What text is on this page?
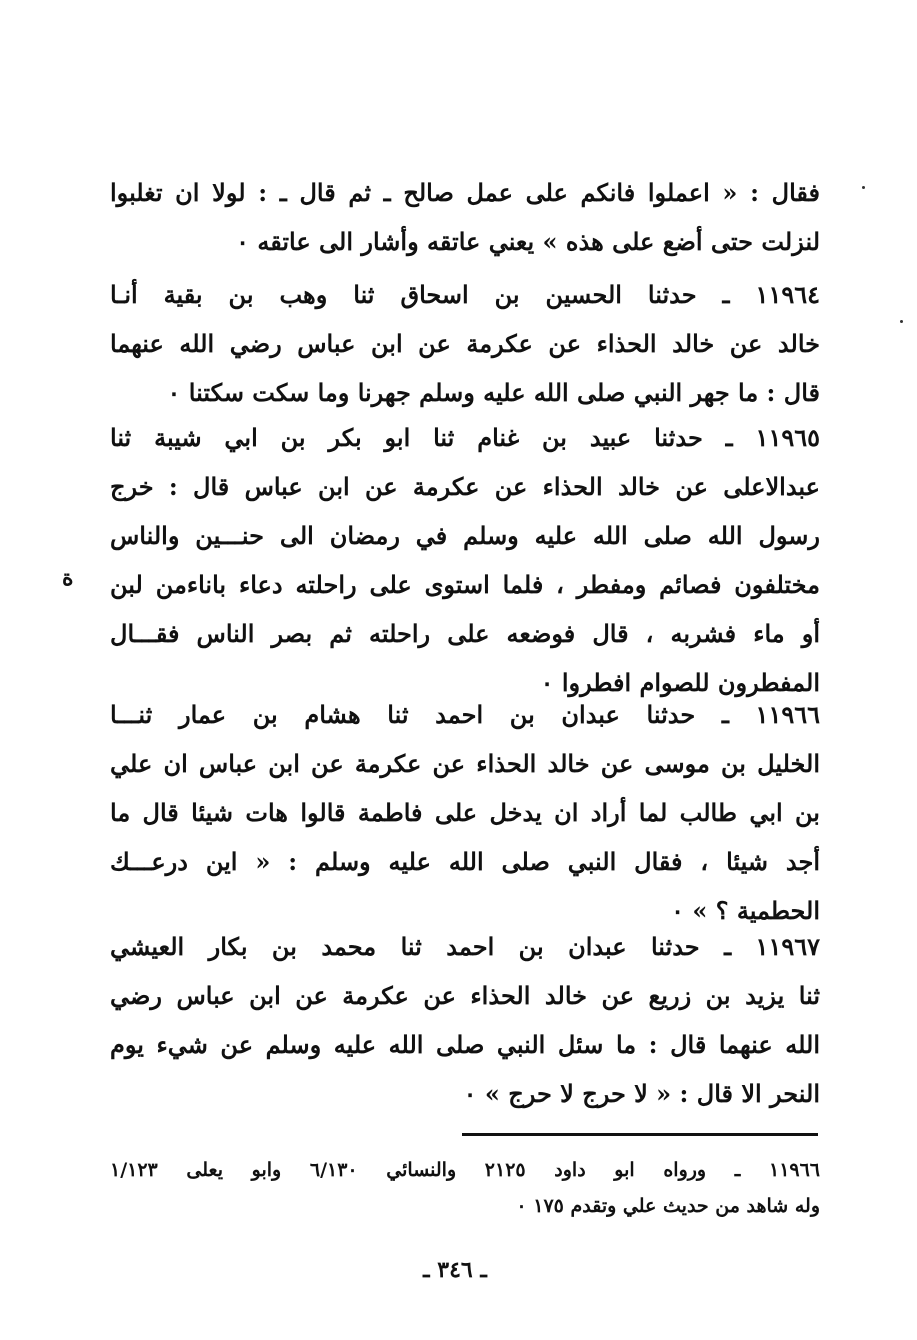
فقال : « اعملوا فانكم على عمل صالح ـ ثم قال ـ : لولا ان تغلبوا
لنزلت حتى أضع على هذه » يعني عاتقه وأشار الى عاتقه ٠
١١٩٦٤ ـ حدثنا الحسين بن اسحاق ثنا وهب بن بقية أنـا
خالد عن خالد الحذاء عن عكرمة عن ابن عباس رضي الله عنهما
قال : ما جهر النبي صلى الله عليه وسلم جهرنا وما سكت سكتنا ٠
١١٩٦٥ ـ حدثنا عبيد بن غنام ثنا ابو بكر بن ابي شيبة ثنا
عبدالاعلى عن خالد الحذاء عن عكرمة عن ابن عباس قال : خرج
رسول الله صلى الله عليه وسلم في رمضان الى حنـــين والناس
مختلفون فصائم ومفطر ، فلما استوى على راحلته دعاء باناءمن لبن
أو ماء فشربه ، قال فوضعه على راحلته ثم بصر الناس فقـــال
المفطرون للصوام افطروا ٠
١١٩٦٦ ـ حدثنا عبدان بن احمد ثنا هشام بن عمار ثنـــا
الخليل بن موسى عن خالد الحذاء عن عكرمة عن ابن عباس ان علي
بن ابي طالب لما أراد ان يدخل على فاطمة قالوا هات شيئا قال ما
أجد شيئا ، فقال النبي صلى الله عليه وسلم : « اين درعـــك
الحطمية ؟ » ٠
١١٩٦٧ ـ حدثنا عبدان بن احمد ثنا محمد بن بكار العيشي
ثنا يزيد بن زريع عن خالد الحذاء عن عكرمة عن ابن عباس رضي
الله عنهما قال : ما سئل النبي صلى الله عليه وسلم عن شيء يوم
النحر الا قال : « لا حرج لا حرج » ٠
١١٩٦٦ ـ ورواه ابو داود ٢١٢٥ والنسائي ٦/١٣٠ وابو يعلى ١/١٢٣
وله شاهد من حديث علي وتقدم ١٧٥ ٠
ـ ٣٤٦ ـ
ة
